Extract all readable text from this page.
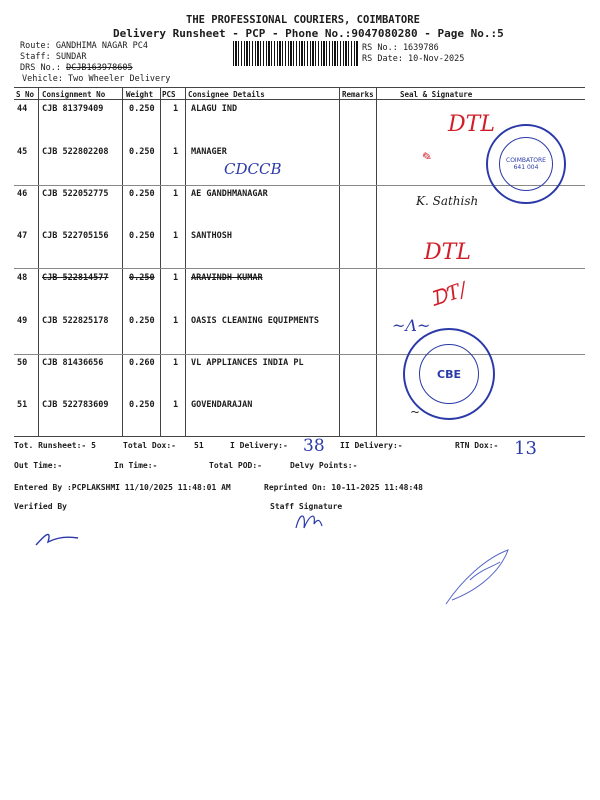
THE PROFESSIONAL COURIERS, COIMBATORE
Delivery Runsheet - PCP - Phone No.:9047080280 - Page No.:5
Route: GANDHIMA NAGAR PC4
Staff: SUNDAR
DRS No.: DCJB163978605
Vehicle: Two Wheeler Delivery
RS No.: 1639786
RS Date: 10-Nov-2025
S No Consignment No	Weight PCS Consignee Details	Remarks	Seal & Signature
44 CJB 81379409	0.250 1 ALAGU IND
45 CJB 522802208 0.250 1 MANAGER
46 CJB 522052775 0.250 1 AE GANDHMANAGAR
47 CJB 522705156 0.250 1 SANTHOSH
48 CJB 522814577 0.250 1 ARAVINDH KUMAR
49 CJB 522825178 0.250 1 OASIS CLEANING EQUIPMENTS
50 CJB 81436656	0.260 1 VL APPLIANCES INDIA PL
51 CJB 522783609 0.250 1 GOVENDARAJAN
DTL
✎
CDCCB
K. Sathish
DTL
ᗪƬ/
COIMBATORE
641 004
CBE
~Λ~
~
Tot. Runsheet:- 5	Total Dox:- 51	I Delivery:- 38 II Delivery:-	RTN Dox:- 13
Out Time:-	In Time:-	Total POD:-	Delvy Points:-
Entered By :PCPLAKSHMI 11/10/2025 11:48:01 AM	Reprinted On: 10-11-2025 11:48:48
Verified By	Staff Signature
